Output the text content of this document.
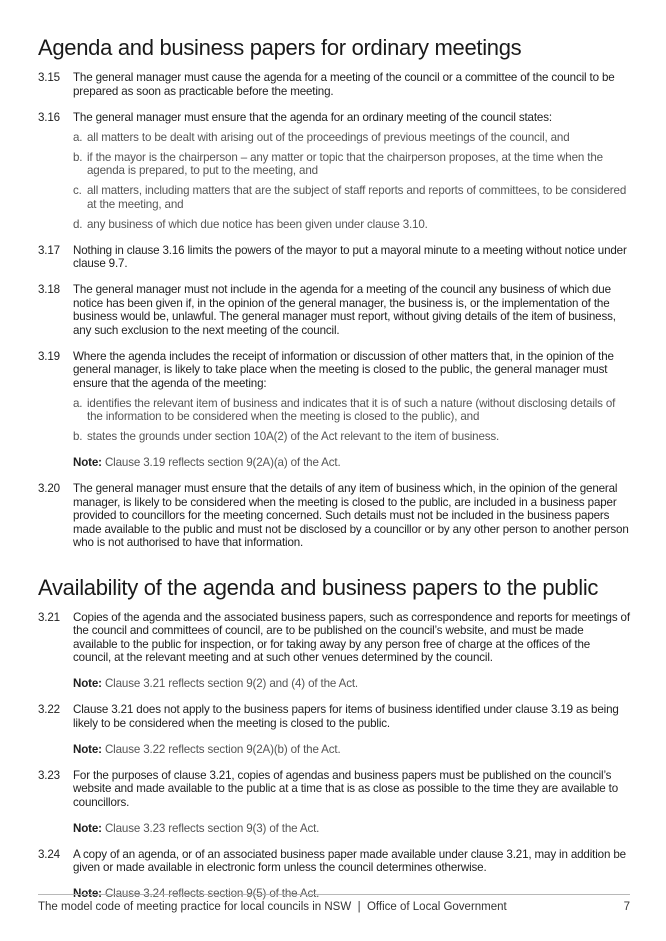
Agenda and business papers for ordinary meetings
3.15	The general manager must cause the agenda for a meeting of the council or a committee of the council to be prepared as soon as practicable before the meeting.
3.16	The general manager must ensure that the agenda for an ordinary meeting of the council states:
a. all matters to be dealt with arising out of the proceedings of previous meetings of the council, and
b. if the mayor is the chairperson – any matter or topic that the chairperson proposes, at the time when the agenda is prepared, to put to the meeting, and
c. all matters, including matters that are the subject of staff reports and reports of committees, to be considered at the meeting, and
d. any business of which due notice has been given under clause 3.10.
3.17	Nothing in clause 3.16 limits the powers of the mayor to put a mayoral minute to a meeting without notice under clause 9.7.
3.18	The general manager must not include in the agenda for a meeting of the council any business of which due notice has been given if, in the opinion of the general manager, the business is, or the implementation of the business would be, unlawful. The general manager must report, without giving details of the item of business, any such exclusion to the next meeting of the council.
3.19	Where the agenda includes the receipt of information or discussion of other matters that, in the opinion of the general manager, is likely to take place when the meeting is closed to the public, the general manager must ensure that the agenda of the meeting:
a. identifies the relevant item of business and indicates that it is of such a nature (without disclosing details of the information to be considered when the meeting is closed to the public), and
b. states the grounds under section 10A(2) of the Act relevant to the item of business.
Note: Clause 3.19 reflects section 9(2A)(a) of the Act.
3.20	The general manager must ensure that the details of any item of business which, in the opinion of the general manager, is likely to be considered when the meeting is closed to the public, are included in a business paper provided to councillors for the meeting concerned. Such details must not be included in the business papers made available to the public and must not be disclosed by a councillor or by any other person to another person who is not authorised to have that information.
Availability of the agenda and business papers to the public
3.21	Copies of the agenda and the associated business papers, such as correspondence and reports for meetings of the council and committees of council, are to be published on the council’s website, and must be made available to the public for inspection, or for taking away by any person free of charge at the offices of the council, at the relevant meeting and at such other venues determined by the council.
Note: Clause 3.21 reflects section 9(2) and (4) of the Act.
3.22	Clause 3.21 does not apply to the business papers for items of business identified under clause 3.19 as being likely to be considered when the meeting is closed to the public.
Note: Clause 3.22 reflects section 9(2A)(b) of the Act.
3.23	For the purposes of clause 3.21, copies of agendas and business papers must be published on the council’s website and made available to the public at a time that is as close as possible to the time they are available to councillors.
Note: Clause 3.23 reflects section 9(3) of the Act.
3.24	A copy of an agenda, or of an associated business paper made available under clause 3.21, may in addition be given or made available in electronic form unless the council determines otherwise.
Note: Clause 3.24 reflects section 9(5) of the Act.
The model code of meeting practice for local councils in NSW  |  Office of Local Government	7
